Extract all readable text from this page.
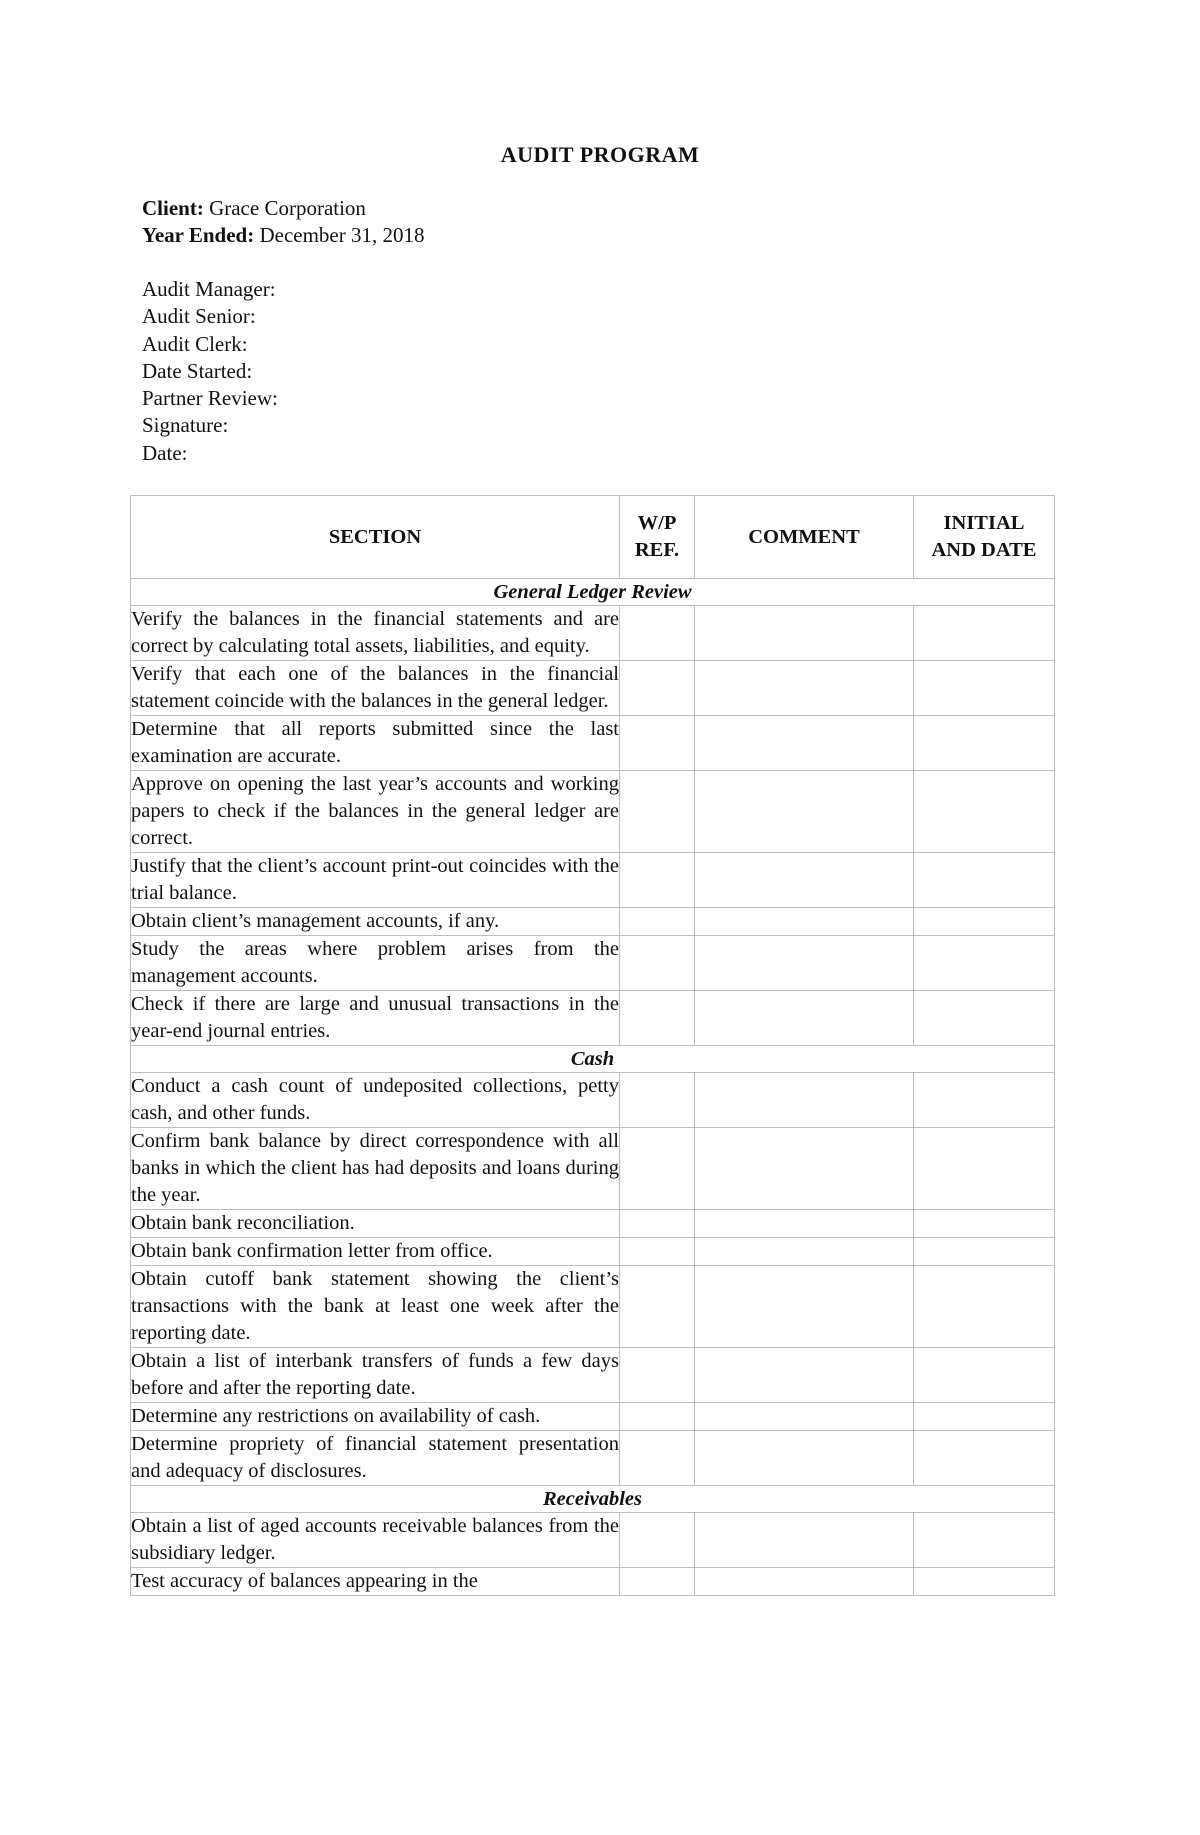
AUDIT PROGRAM
Client: Grace Corporation
Year Ended: December 31, 2018
Audit Manager:
Audit Senior:
Audit Clerk:
Date Started:
Partner Review:
Signature:
Date:
SECTION	W/P REF.	COMMENT	INITIAL AND DATE
General Ledger Review			
Verify the balances in the financial statements and are correct by calculating total assets, liabilities, and equity.			
Verify that each one of the balances in the financial statement coincide with the balances in the general ledger.			
Determine that all reports submitted since the last examination are accurate.			
Approve on opening the last year’s accounts and working papers to check if the balances in the general ledger are correct.			
Justify that the client’s account print-out coincides with the trial balance.			
Obtain client’s management accounts, if any.			
Study the areas where problem arises from the management accounts.			
Check if there are large and unusual transactions in the year-end journal entries.			
Cash			
Conduct a cash count of undeposited collections, petty cash, and other funds.			
Confirm bank balance by direct correspondence with all banks in which the client has had deposits and loans during the year.			
Obtain bank reconciliation.			
Obtain bank confirmation letter from office.			
Obtain cutoff bank statement showing the client’s transactions with the bank at least one week after the reporting date.			
Obtain a list of interbank transfers of funds a few days before and after the reporting date.			
Determine any restrictions on availability of cash.			
Determine propriety of financial statement presentation and adequacy of disclosures.			
Receivables			
Obtain a list of aged accounts receivable balances from the subsidiary ledger.			
Test accuracy of balances appearing in the			
